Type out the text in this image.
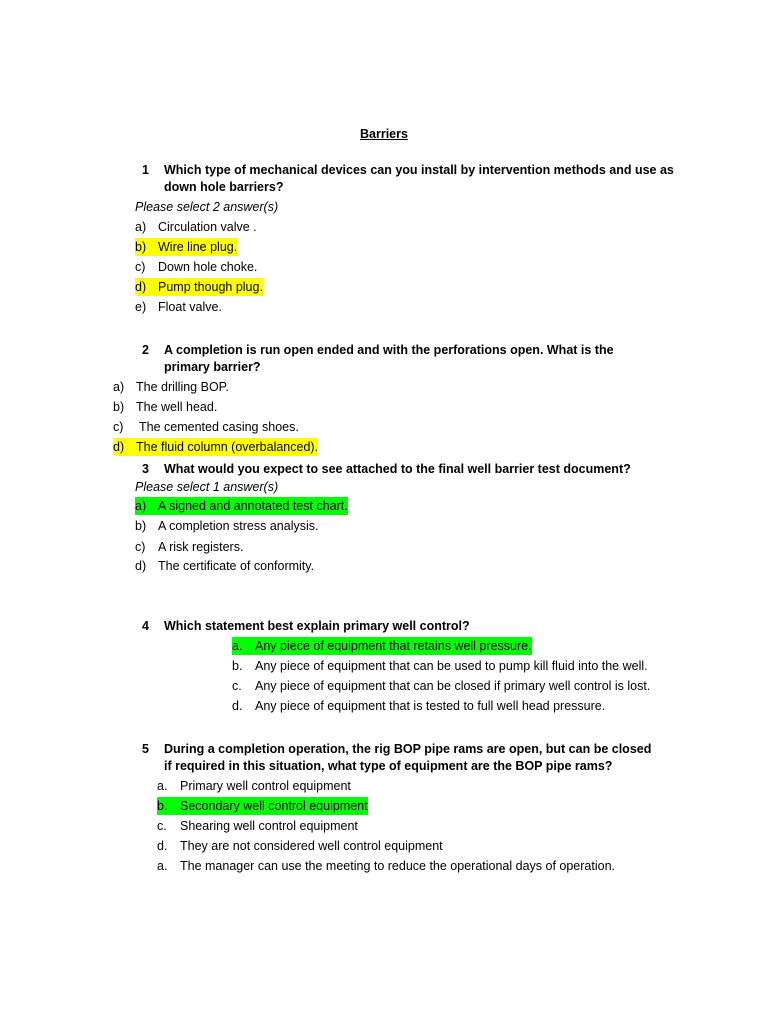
Barriers
1 Which type of mechanical devices can you install by intervention methods and use as
down hole barriers?
Please select 2 answer(s)
a) Circulation valve .
b) Wire line plug.
c) Down hole choke.
d) Pump though plug.
e) Float valve.
2 A completion is run open ended and with the perforations open. What is the
primary barrier?
a) The drilling BOP.
b) The well head.
c) The cemented casing shoes.
d) The fluid column (overbalanced).
3 What would you expect to see attached to the final well barrier test document?
Please select 1 answer(s)
a) A signed and annotated test chart.
b) A completion stress analysis.
c) A risk registers.
d) The certificate of conformity.
4 Which statement best explain primary well control?
a. Any piece of equipment that retains well pressure.
b. Any piece of equipment that can be used to pump kill fluid into the well.
c. Any piece of equipment that can be closed if primary well control is lost.
d. Any piece of equipment that is tested to full well head pressure.
5 During a completion operation, the rig BOP pipe rams are open, but can be closed
if required in this situation, what type of equipment are the BOP pipe rams?
a. Primary well control equipment
b. Secondary well control equipment
c. Shearing well control equipment
d. They are not considered well control equipment
a. The manager can use the meeting to reduce the operational days of operation.
